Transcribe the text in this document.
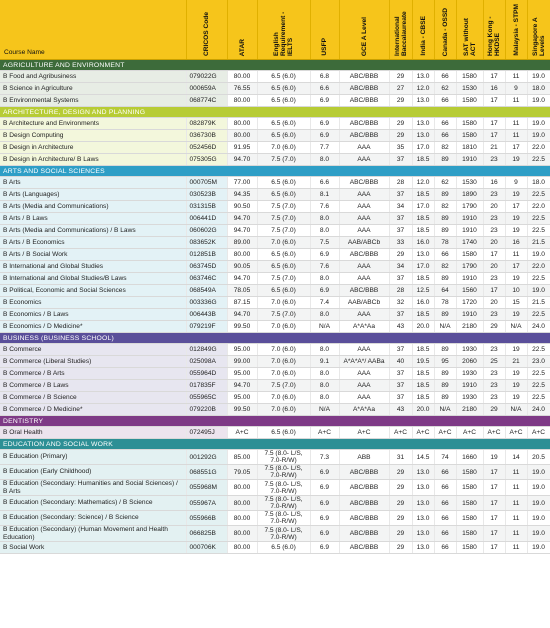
Course Name	CRICOS Code	ATAR	English Requirement - IELTS	USFP	GCE A Level	International Baccalaureate	India - CBSE	Canada - OSSD	SAT without ACT	Hong Kong - HKDSE	Malaysia - STPM	Singapore A Levels

AGRICULTURE AND ENVIRONMENT												
B Food and Agribusiness	079022G	80.00	6.5 (6.0)	6.8	ABC/BBB	29	13.0	66	1580	17	11	19.0
B Science in Agriculture	000659A	76.55	6.5 (6.0)	6.6	ABC/BBB	27	12.0	62	1530	16	9	18.0
B Environmental Systems	068774C	80.00	6.5 (6.0)	6.9	ABC/BBB	29	13.0	66	1580	17	11	19.0
ARCHITECTURE, DESIGN AND PLANNING												
B Architecture and Environments	082879K	80.00	6.5 (6.0)	6.9	ABC/BBB	29	13.0	66	1580	17	11	19.0
B Design Computing	036730B	80.00	6.5 (6.0)	6.9	ABC/BBB	29	13.0	66	1580	17	11	19.0
B Design in Architecture	052456D	91.95	7.0 (6.0)	7.7	AAA	35	17.0	82	1810	21	17	22.0
B Design in Architecture/ B Laws	075305G	94.70	7.5 (7.0)	8.0	AAA	37	18.5	89	1910	23	19	22.5
ARTS AND SOCIAL SCIENCES												
B Arts	000705M	77.00	6.5 (6.0)	6.6	ABC/BBB	28	12.0	62	1530	16	9	18.0
B Arts (Languages)	030523B	94.35	6.5 (6.0)	8.1	AAA	37	18.5	89	1890	23	19	22.5
B Arts (Media and Communications)	031315B	90.50	7.5 (7.0)	7.6	AAA	34	17.0	82	1790	20	17	22.0
B Arts / B Laws	006441D	94.70	7.5 (7.0)	8.0	AAA	37	18.5	89	1910	23	19	22.5
B Arts (Media and Communications) / B Laws	060602G	94.70	7.5 (7.0)	8.0	AAA	37	18.5	89	1910	23	19	22.5
B Arts / B Economics	083652K	89.00	7.0 (6.0)	7.5	AAB/ABCb	33	16.0	78	1740	20	16	21.5
B Arts / B Social Work	012851B	80.00	6.5 (6.0)	6.9	ABC/BBB	29	13.0	66	1580	17	11	19.0
B International and Global Studies	063745D	90.05	6.5 (6.0)	7.6	AAA	34	17.0	82	1790	20	17	22.0
B International and Global Studies/B Laws	063746C	94.70	7.5 (7.0)	8.0	AAA	37	18.5	89	1910	23	19	22.5
B Political, Economic and Social Sciences	068549A	78.05	6.5 (6.0)	6.9	ABC/BBB	28	12.5	64	1560	17	10	19.0
B Economics	003336G	87.15	7.0 (6.0)	7.4	AAB/ABCb	32	16.0	78	1720	20	15	21.5
B Economics / B Laws	006443B	94.70	7.5 (7.0)	8.0	AAA	37	18.5	89	1910	23	19	22.5
B Economics / D Medicine*	079219F	99.50	7.0 (6.0)	N/A	A*A*Aa	43	20.0	N/A	2180	29	N/A	24.0
BUSINESS (BUSINESS SCHOOL)												
B Commerce	012849G	95.00	7.0 (6.0)	8.0	AAA	37	18.5	89	1930	23	19	22.5
B Commerce (Liberal Studies)	025098A	99.00	7.0 (6.0)	9.1	A*A*A*/ AABa	40	19.5	95	2060	25	21	23.0
B Commerce / B Arts	055964D	95.00	7.0 (6.0)	8.0	AAA	37	18.5	89	1930	23	19	22.5
B Commerce / B Laws	017835F	94.70	7.5 (7.0)	8.0	AAA	37	18.5	89	1910	23	19	22.5
B Commerce / B Science	055965C	95.00	7.0 (6.0)	8.0	AAA	37	18.5	89	1930	23	19	22.5
B Commerce / D Medicine*	079220B	99.50	7.0 (6.0)	N/A	A*A*Aa	43	20.0	N/A	2180	29	N/A	24.0
DENTISTRY												
B Oral Health	072495J	A+C	6.5 (6.0)	A+C	A+C	A+C	A+C	A+C	A+C	A+C	A+C	A+C
EDUCATION AND SOCIAL WORK												
B Education (Primary)	001292G	85.00	7.5 (8.0- L/S, 7.0-R/W)	7.3	ABB	31	14.5	74	1660	19	14	20.5
B Education (Early Childhood)	068551G	79.05	7.5 (8.0- L/S, 7.0-R/W)	6.9	ABC/BBB	29	13.0	66	1580	17	11	19.0
B Education (Secondary: Humanities and Social Sciences) / B Arts	055968M	80.00	7.5 (8.0- L/S, 7.0-R/W)	6.9	ABC/BBB	29	13.0	66	1580	17	11	19.0
B Education (Secondary: Mathematics) / B Science	055967A	80.00	7.5 (8.0- L/S, 7.0-R/W)	6.9	ABC/BBB	29	13.0	66	1580	17	11	19.0
B Education (Secondary: Science) / B Science	055966B	80.00	7.5 (8.0- L/S, 7.0-R/W)	6.9	ABC/BBB	29	13.0	66	1580	17	11	19.0
B Education (Secondary) (Human Movement and Health Education)	066825B	80.00	7.5 (8.0- L/S, 7.0-R/W)	6.9	ABC/BBB	29	13.0	66	1580	17	11	19.0
B Social Work	000706K	80.00	6.5 (6.0)	6.9	ABC/BBB	29	13.0	66	1580	17	11	19.0
